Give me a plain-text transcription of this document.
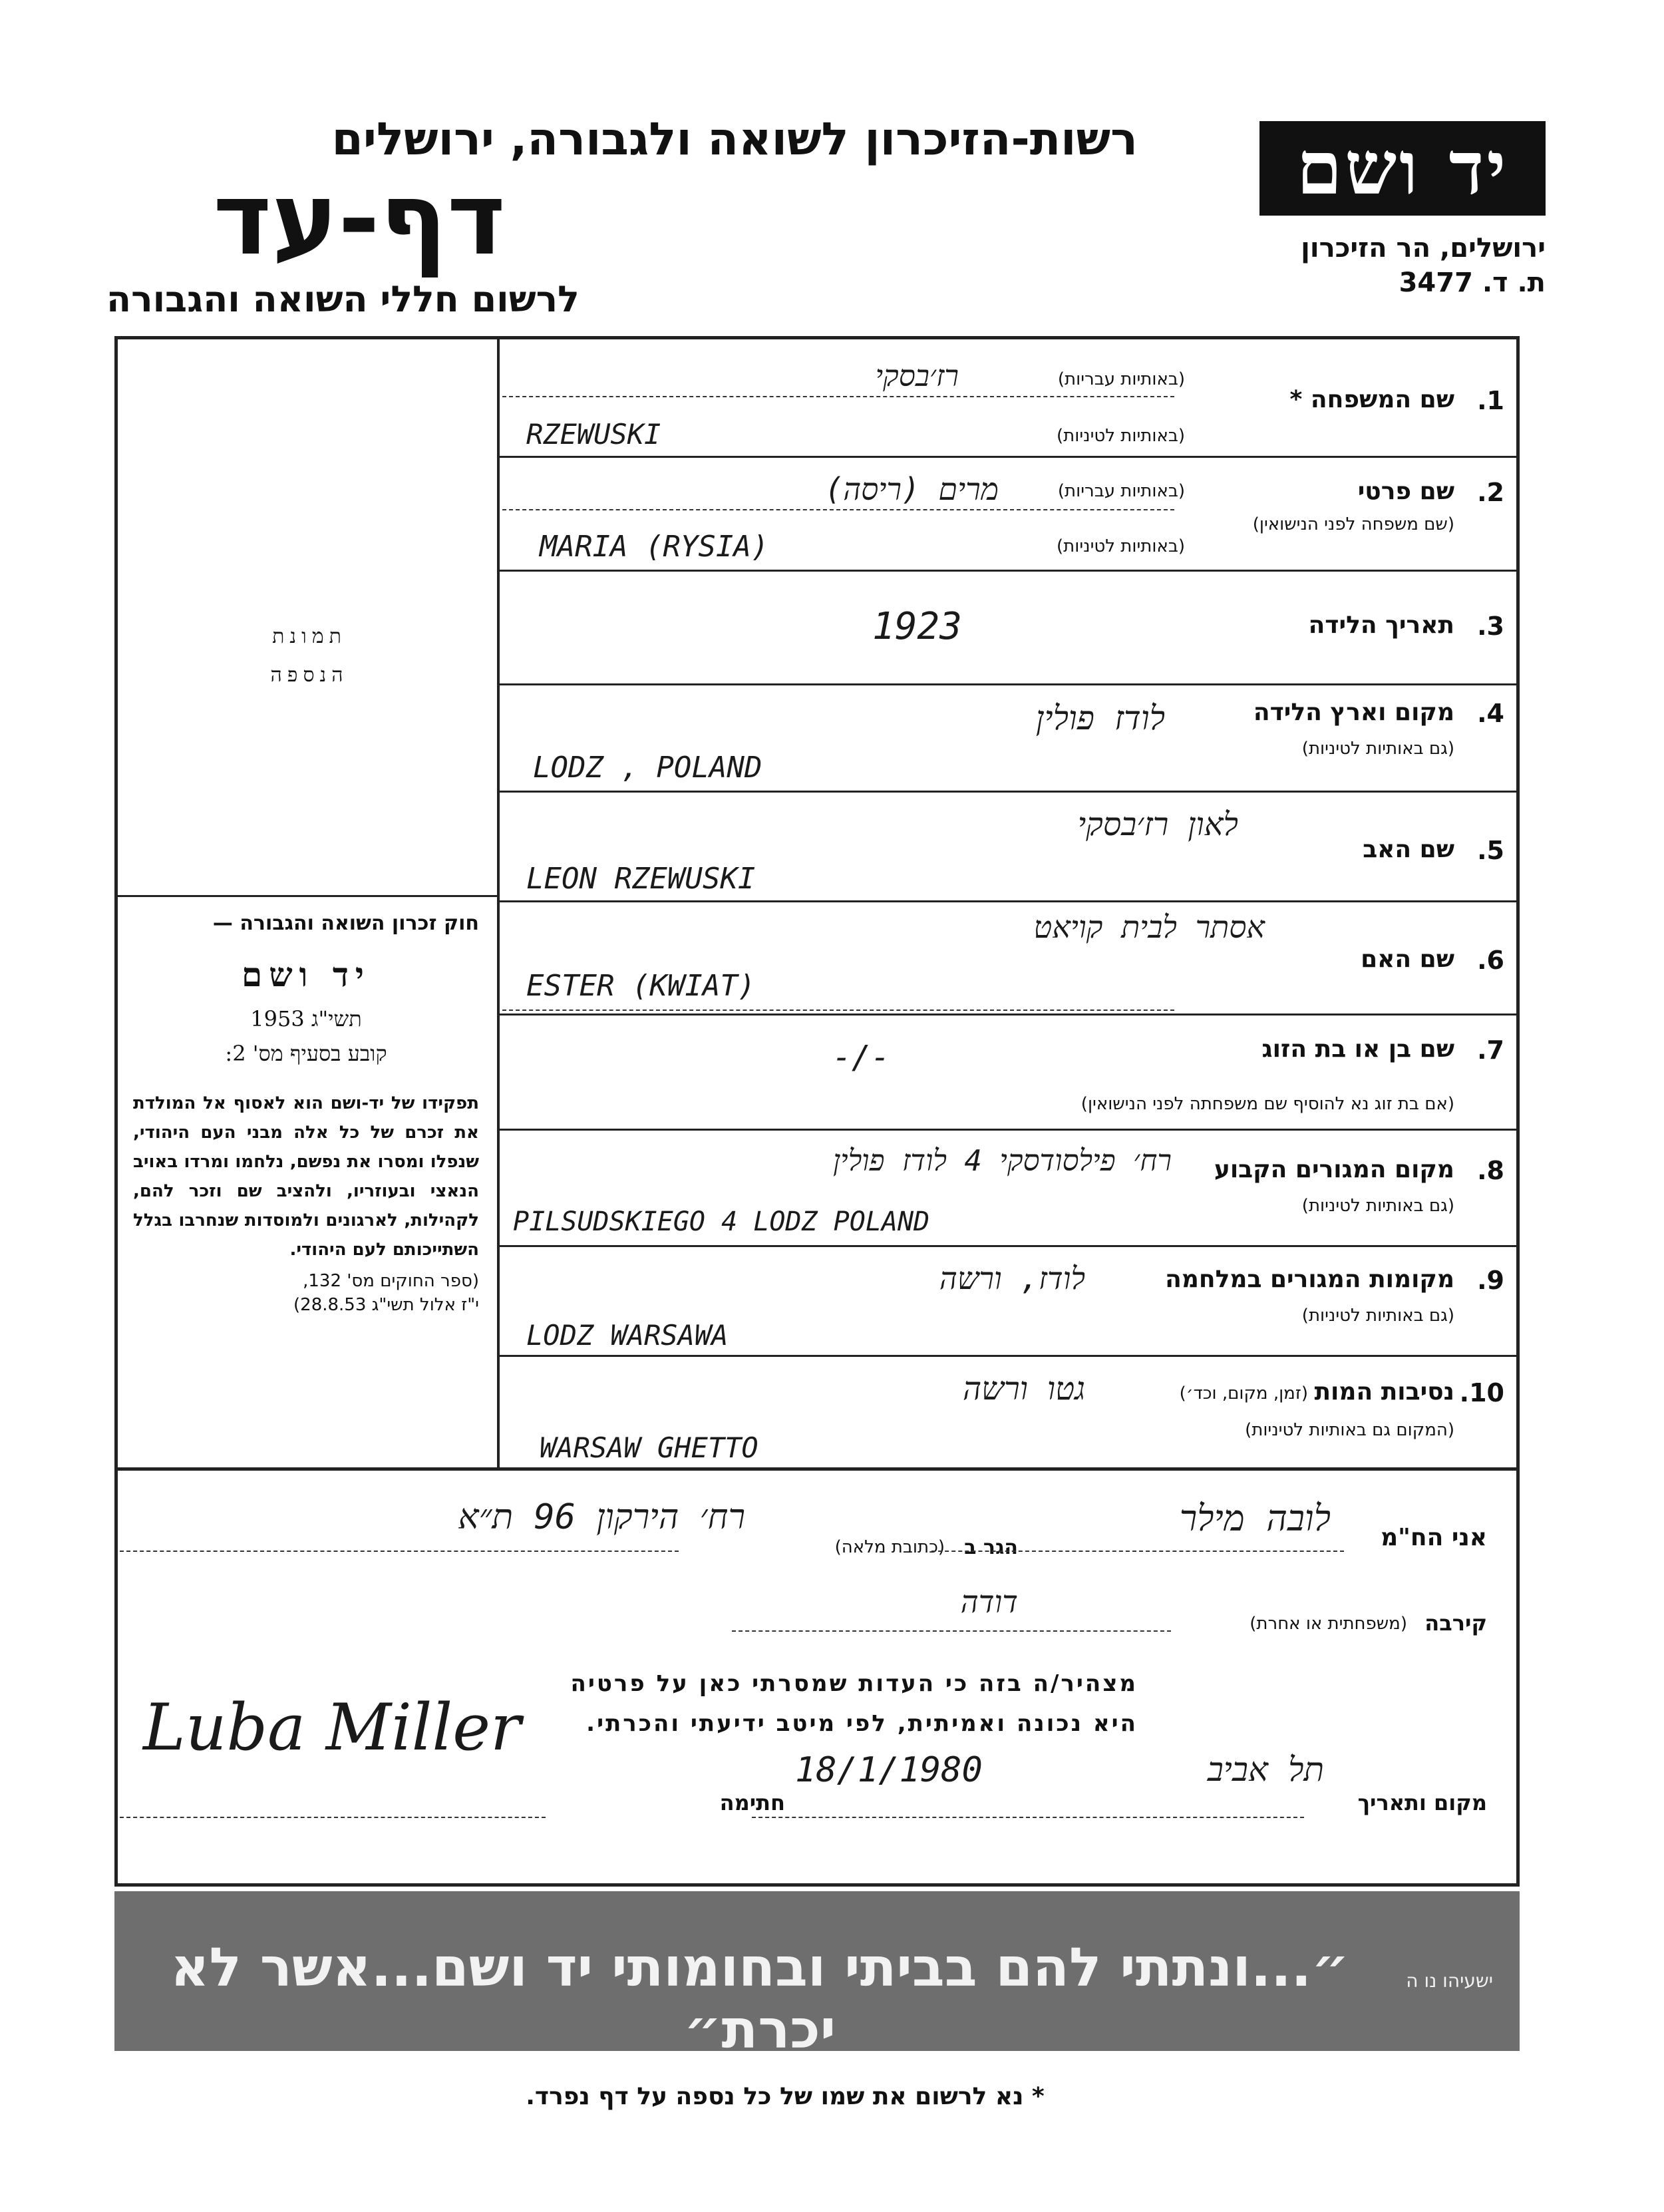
יד ושם
ירושלים, הר הזיכרון
ת. ד. 3477
רשות-הזיכרון לשואה ולגבורה, ירושלים
דף-עד
לרשום חללי השואה והגבורה
תמונת הנספה
חוק זכרון השואה והגבורה —
יד ושם
תשי"ג 1953
קובע בסעיף מס' 2:
תפקידו של יד-ושם הוא לאסוף אל המולדת את זכרם של כל אלה מבני העם היהודי, שנפלו ומסרו את נפשם, נלחמו ומרדו באויב הנאצי ובעוזריו, ולהציב שם וזכר להם, לקהילות, לארגונים ולמוסדות שנחרבו בגלל השתייכותם לעם היהודי.
(ספר החוקים מס' 132,
י"ז אלול תשי"ג 28.8.53)
1.
שם המשפחה *
(באותיות עבריות)
(באותיות לטיניות)
רז׳בסקי
RZEWUSKI
2.
שם פרטי
(שם משפחה לפני הנישואין)
(באותיות עבריות)
(באותיות לטיניות)
מרים (ריסה)
MARIA (RYSIA)
3.
תאריך הלידה
1923
4.
מקום וארץ הלידה
(גם באותיות לטיניות)
לודז פולין
LODZ , POLAND
5.
שם האב
לאון רז׳בסקי
LEON RZEWUSKI
6.
שם האם
אסתר לבית קויאט
ESTER (KWIAT)
7.
שם בן או בת הזוג
(אם בת זוג נא להוסיף שם משפחתה לפני הנישואין)
-/-
8.
מקום המגורים הקבוע
(גם באותיות לטיניות)
רח׳ פילסודסקי 4 לודז פולין
PILSUDSKIEGO 4 LODZ POLAND
9.
מקומות המגורים במלחמה
(גם באותיות לטיניות)
לודז, ורשה
LODZ WARSAWA
10.
נסיבות המות
(זמן, מקום, וכד׳)
(המקום גם באותיות לטיניות)
גטו ורשה
WARSAW GHETTO
אני הח"מ
לובה מילר
הגר ב
(כתובת מלאה)
רח׳ הירקון 96 ת״א
קירבה
(משפחתית או אחרת)
דודה
מצהיר/ה בזה כי העדות שמסרתי כאן על פרטיה
היא נכונה ואמיתית, לפי מיטב ידיעתי והכרתי.
Luba Miller
חתימה	מקום ותאריך
תל אביב
18/1/1980
״...ונתתי להם בביתי ובחומותי יד ושם...אשר לא יכרת״
ישעיהו נו ה
* נא לרשום את שמו של כל נספה על דף נפרד.
